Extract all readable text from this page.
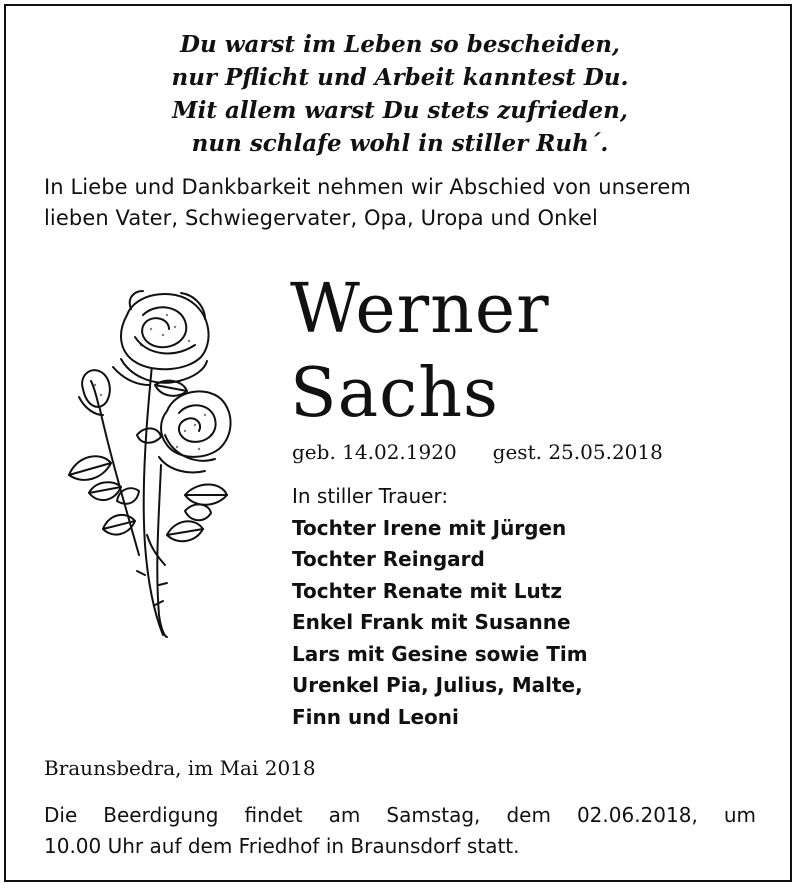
Du warst im Leben so bescheiden,
nur Pflicht und Arbeit kanntest Du.
Mit allem warst Du stets zufrieden,
nun schlafe wohl in stiller Ruh´.
In Liebe und Dankbarkeit nehmen wir Abschied von unserem
lieben Vater, Schwiegervater, Opa, Uropa und Onkel
Werner
Sachs
geb. 14.02.1920 gest. 25.05.2018
In stiller Trauer:
Tochter Irene mit Jürgen
Tochter Reingard
Tochter Renate mit Lutz
Enkel Frank mit Susanne
Lars mit Gesine sowie Tim
Urenkel Pia, Julius, Malte,
Finn und Leoni
Braunsbedra, im Mai 2018
Die Beerdigung findet am Samstag, dem 02.06.2018, um
10.00 Uhr auf dem Friedhof in Braunsdorf statt.
